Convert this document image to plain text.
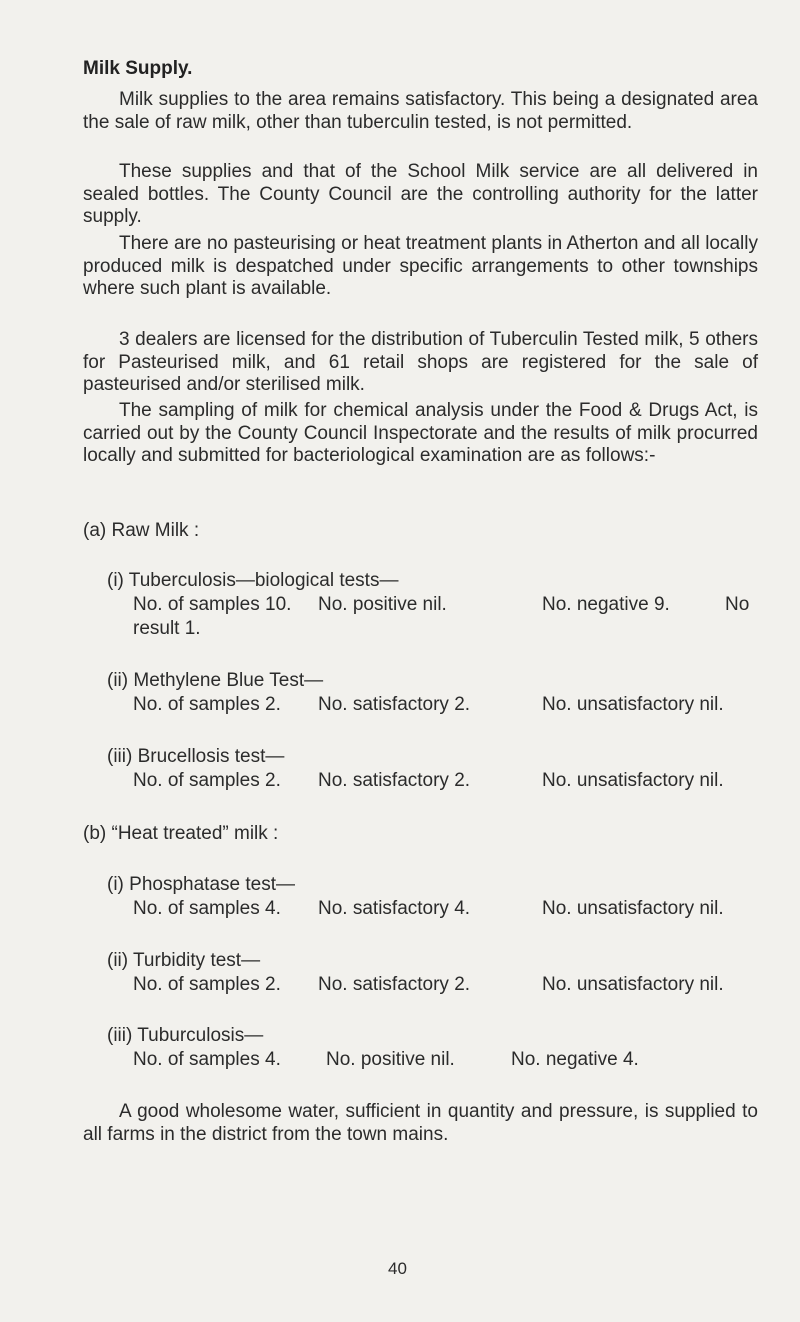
Milk Supply.

Milk supplies to the area remains satisfactory. This being a designated area the sale of raw milk, other than tuberculin tested, is not permitted.

These supplies and that of the School Milk service are all delivered in sealed bottles. The County Council are the controlling authority for the latter supply.

There are no pasteurising or heat treatment plants in Atherton and all locally produced milk is despatched under specific arrangements to other townships where such plant is available.

3 dealers are licensed for the distribution of Tuberculin Tested milk, 5 others for Pasteurised milk, and 61 retail shops are registered for the sale of pasteurised and/or sterilised milk.

The sampling of milk for chemical analysis under the Food & Drugs Act, is carried out by the County Council Inspectorate and the results of milk procurred locally and submitted for bacteriological examination are as follows:-

(a) Raw Milk :
(i) Tuberculosis—biological tests—
No. of samples 10. No. positive nil.	No. negative 9.	No
result 1.
(ii) Methylene Blue Test—
No. of samples 2. No. satisfactory 2.	No. unsatisfactory nil.
(iii) Brucellosis test—
No. of samples 2. No. satisfactory 2.	No. unsatisfactory nil.
(b) “Heat treated” milk :
(i) Phosphatase test—
No. of samples 4. No. satisfactory 4.	No. unsatisfactory nil.
(ii) Turbidity test—
No. of samples 2. No. satisfactory 2.	No. unsatisfactory nil.
(iii) Tuburculosis—
No. of samples 4. No. positive nil.	No. negative 4.

A good wholesome water, sufficient in quantity and pressure, is supplied to all farms in the district from the town mains.

40
